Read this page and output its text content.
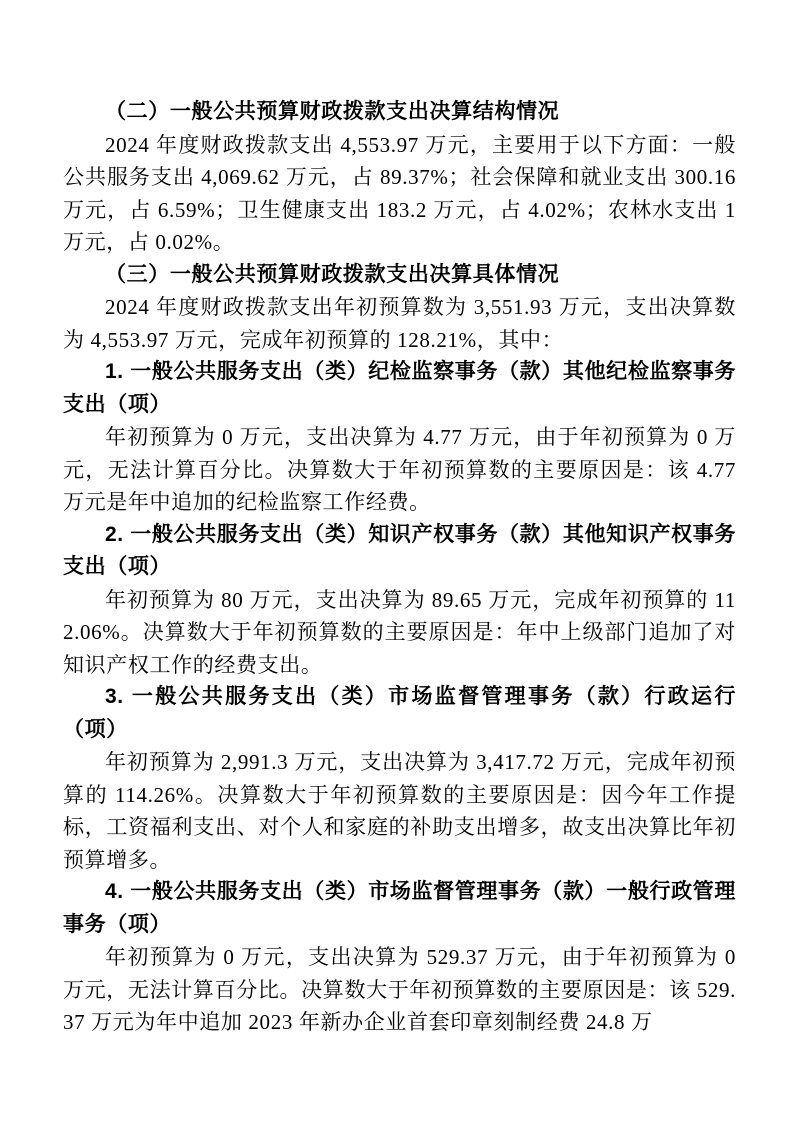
（二）一般公共预算财政拨款支出决算结构情况

2024 年度财政拨款支出 4,553.97 万元，主要用于以下方面：一般公共服务支出 4,069.62 万元，占 89.37%；社会保障和就业支出 300.16 万元，占 6.59%；卫生健康支出 183.2 万元，占 4.02%；农林水支出 1 万元，占 0.02%。

（三）一般公共预算财政拨款支出决算具体情况

2024 年度财政拨款支出年初预算数为 3,551.93 万元，支出决算数为 4,553.97 万元，完成年初预算的 128.21%，其中：

1. 一般公共服务支出（类）纪检监察事务（款）其他纪检监察事务支出（项）

年初预算为 0 万元，支出决算为 4.77 万元，由于年初预算为 0 万元，无法计算百分比。决算数大于年初预算数的主要原因是：该 4.77 万元是年中追加的纪检监察工作经费。

2. 一般公共服务支出（类）知识产权事务（款）其他知识产权事务支出（项）

年初预算为 80 万元，支出决算为 89.65 万元，完成年初预算的 112.06%。决算数大于年初预算数的主要原因是：年中上级部门追加了对知识产权工作的经费支出。

3. 一般公共服务支出（类）市场监督管理事务（款）行政运行（项）

年初预算为 2,991.3 万元，支出决算为 3,417.72 万元，完成年初预算的 114.26%。决算数大于年初预算数的主要原因是：因今年工作提标，工资福利支出、对个人和家庭的补助支出增多，故支出决算比年初预算增多。

4. 一般公共服务支出（类）市场监督管理事务（款）一般行政管理事务（项）

年初预算为 0 万元，支出决算为 529.37 万元，由于年初预算为 0 万元，无法计算百分比。决算数大于年初预算数的主要原因是：该 529.37 万元为年中追加 2023 年新办企业首套印章刻制经费 24.8 万
